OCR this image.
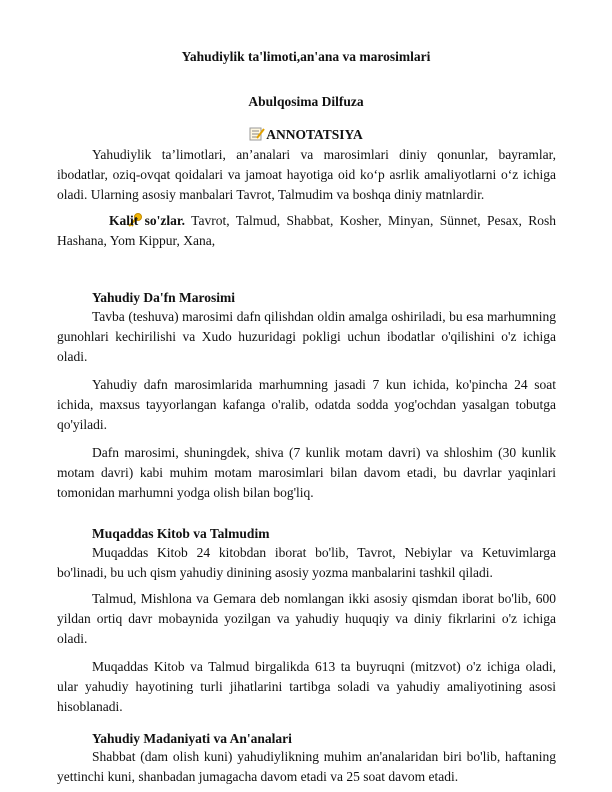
Yahudiylik ta'limoti,an'ana va marosimlari
Abulqosima Dilfuza
ANNOTATSIYA

Yahudiylik ta’limotlari, an’analari va marosimlari diniy qonunlar, bayramlar, ibodatlar, oziq-ovqat qoidalari va jamoat hayotiga oid ko‘p asrlik amaliyotlarni o‘z ichiga oladi. Ularning asosiy manbalari Tavrot, Talmudim va boshqa diniy matnlardir.

Kalit so'zlar. Tavrot, Talmud, Shabbat, Kosher, Minyan, Sünnet, Pesax, Rosh Hashana, Yom Kippur, Xana,

Yahudiy Da'fn Marosimi

Tavba (teshuva) marosimi dafn qilishdan oldin amalga oshiriladi, bu esa marhumning gunohlari kechirilishi va Xudo huzuridagi pokligi uchun ibodatlar o'qilishini o'z ichiga oladi.

Yahudiy dafn marosimlarida marhumning jasadi 7 kun ichida, ko'pincha 24 soat ichida, maxsus tayyorlangan kafanga o'ralib, odatda sodda yog'ochdan yasalgan tobutga qo'yiladi.

Dafn marosimi, shuningdek, shiva (7 kunlik motam davri) va shloshim (30 kunlik motam davri) kabi muhim motam marosimlari bilan davom etadi, bu davrlar yaqinlari tomonidan marhumni yodga olish bilan bog'liq.

Muqaddas Kitob va Talmudim

Muqaddas Kitob 24 kitobdan iborat bo'lib, Tavrot, Nebiylar va Ketuvimlarga bo'linadi, bu uch qism yahudiy dinining asosiy yozma manbalarini tashkil qiladi.

Talmud, Mishlona va Gemara deb nomlangan ikki asosiy qismdan iborat bo'lib, 600 yildan ortiq davr mobaynida yozilgan va yahudiy huquqiy va diniy fikrlarini o'z ichiga oladi.

Muqaddas Kitob va Talmud birgalikda 613 ta buyruqni (mitzvot) o'z ichiga oladi, ular yahudiy hayotining turli jihatlarini tartibga soladi va yahudiy amaliyotining asosi hisoblanadi.

Yahudiy Madaniyati va An'analari

Shabbat (dam olish kuni) yahudiylikning muhim an'analaridan biri bo'lib, haftaning yettinchi kuni, shanbadan jumagacha davom etadi va 25 soat davom etadi.
